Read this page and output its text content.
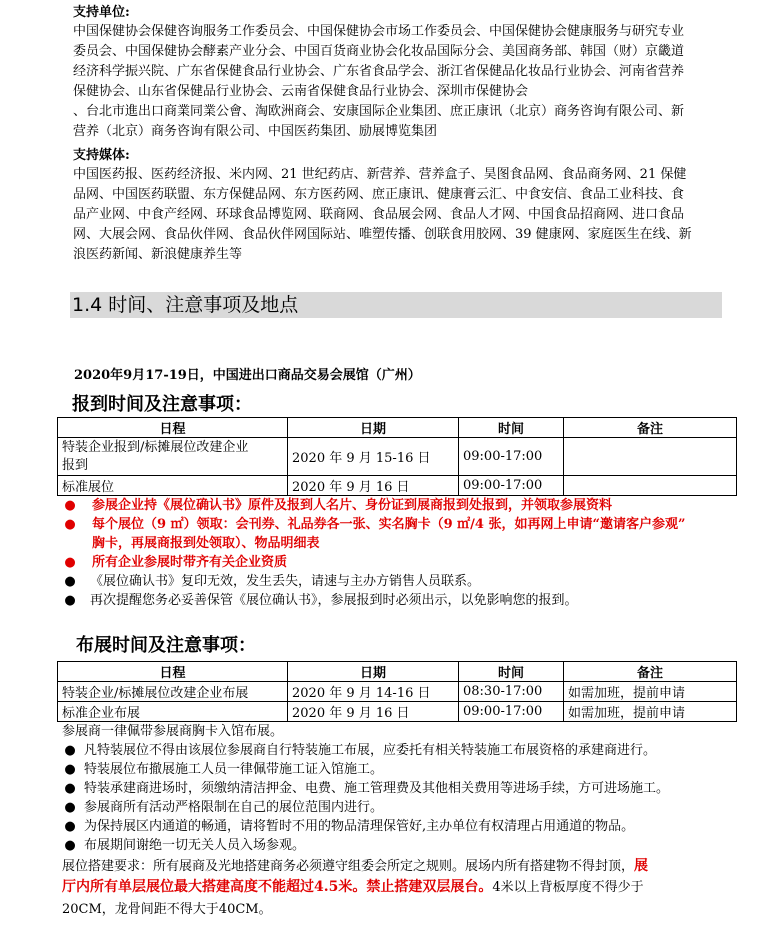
支持单位:
中国保健协会保健咨询服务工作委员会、中国保健协会市场工作委员会、中国保健协会健康服务与研究专业
委员会、中国保健协会酵素产业分会、中国百货商业协会化妆品国际分会、美国商务部、韩国（财）京畿道
经济科学振兴院、广东省保健食品行业协会、广东省食品学会、浙江省保健品化妆品行业协会、河南省营养
保健协会、山东省保健品行业协会、云南省保健食品行业协会、深圳市保健协会
、台北市進出口商業同業公會、淘欧洲商会、安康国际企业集团、庶正康讯（北京）商务咨询有限公司、新
营养（北京）商务咨询有限公司、中国医药集团、励展博览集团
支持媒体:
中国医药报、医药经济报、米内网、21 世纪药店、新营养、营养盒子、昊图食品网、食品商务网、21 保健
品网、中国医药联盟、东方保健品网、东方医药网、庶正康讯、健康膏云汇、中食安信、食品工业科技、食
品产业网、中食产经网、环球食品博览网、联商网、食品展会网、食品人才网、中国食品招商网、进口食品
网、大展会网、食品伙伴网、食品伙伴网国际站、唯塑传播、创联食用胶网、39 健康网、家庭医生在线、新
浪医药新闻、新浪健康养生等
1.4 时间、注意事项及地点
2020年9月17-19日，中国进出口商品交易会展馆（广州）
报到时间及注意事项：
日程	日期	时间	备注

特装企业报到/标摊展位改建企业
报到	2020 年 9 月 15-16 日	09:00-17:00	
标准展位	2020 年 9 月 16 日	09:00-17:00	
● 参展企业持《展位确认书》原件及报到人名片、身份证到展商报到处报到，并领取参展资料
● 每个展位（9 ㎡）领取：会刊券、礼品券各一张、实名胸卡（9 ㎡/4 张，如再网上申请“邀请客户参观”
胸卡，再展商报到处领取）、物品明细表
● 所有企业参展时带齐有关企业资质
● 《展位确认书》复印无效，发生丢失，请速与主办方销售人员联系。
● 再次提醒您务必妥善保管《展位确认书》，参展报到时必须出示，以免影响您的报到。
布展时间及注意事项：
日程	日期	时间	备注
特装企业/标摊展位改建企业布展	2020 年 9 月 14-16 日	08:30-17:00	如需加班，提前申请
标准企业布展	2020 年 9 月 16 日	09:00-17:00	如需加班，提前申请
参展商一律佩带参展商胸卡入馆布展。
● 凡特装展位不得由该展位参展商自行特装施工布展，应委托有相关特装施工布展资格的承建商进行。
● 特装展位布撤展施工人员一律佩带施工证入馆施工。
● 特装承建商进场时，须缴纳清洁押金、电费、施工管理费及其他相关费用等进场手续，方可进场施工。
● 参展商所有活动严格限制在自己的展位范围内进行。
● 为保持展区内通道的畅通，请将暂时不用的物品清理保管好,主办单位有权清理占用通道的物品。
● 布展期间谢绝一切无关人员入场参观。
展位搭建要求：所有展商及光地搭建商务必须遵守组委会所定之规则。展场内所有搭建物不得封顶，展
厅内所有单层展位最大搭建高度不能超过4.5米。禁止搭建双层展台。4米以上背板厚度不得少于
20CM，龙骨间距不得大于40CM。
